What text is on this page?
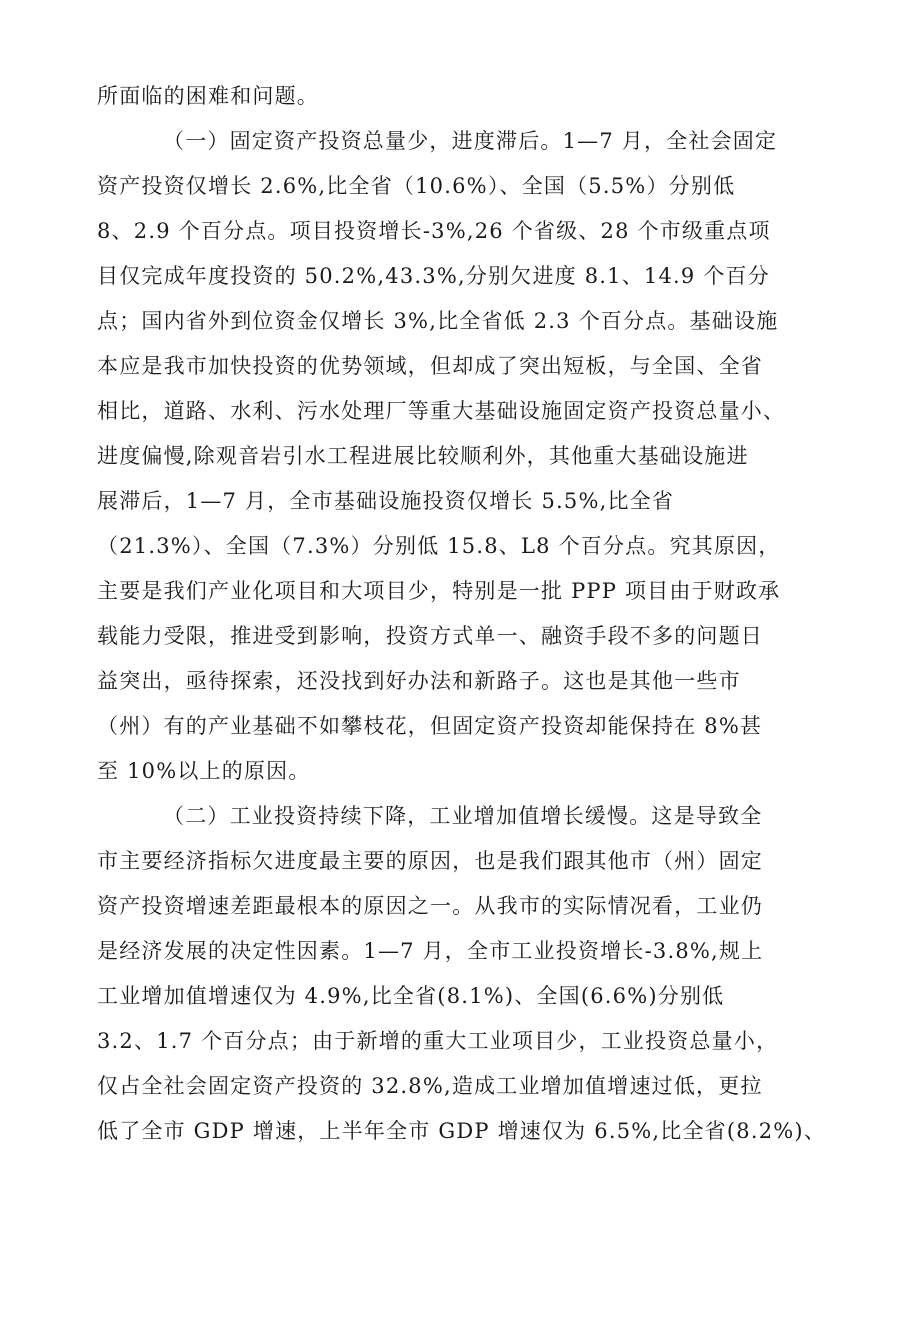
所面临的困难和问题。
（一）固定资产投资总量少，进度滞后。1—7 月，全社会固定
资产投资仅增长 2.6%,比全省（10.6%）、全国（5.5%）分别低
8、2.9 个百分点。项目投资增长-3%,26 个省级、28 个市级重点项
目仅完成年度投资的 50.2%,43.3%,分别欠进度 8.1、14.9 个百分
点；国内省外到位资金仅增长 3%,比全省低 2.3 个百分点。基础设施
本应是我市加快投资的优势领域，但却成了突出短板，与全国、全省
相比，道路、水利、污水处理厂等重大基础设施固定资产投资总量小、
进度偏慢,除观音岩引水工程进展比较顺利外，其他重大基础设施进
展滞后，1—7 月，全市基础设施投资仅增长 5.5%,比全省
（21.3%）、全国（7.3%）分别低 15.8、L8 个百分点。究其原因，
主要是我们产业化项目和大项目少，特别是一批 PPP 项目由于财政承
载能力受限，推进受到影响，投资方式单一、融资手段不多的问题日
益突出，亟待探索，还没找到好办法和新路子。这也是其他一些市
（州）有的产业基础不如攀枝花，但固定资产投资却能保持在 8%甚
至 10%以上的原因。
（二）工业投资持续下降，工业增加值增长缓慢。这是导致全
市主要经济指标欠进度最主要的原因，也是我们跟其他市（州）固定
资产投资增速差距最根本的原因之一。从我市的实际情况看，工业仍
是经济发展的决定性因素。1—7 月，全市工业投资增长-3.8%,规上
工业增加值增速仅为 4.9%,比全省(8.1%)、全国(6.6%)分别低
3.2、1.7 个百分点；由于新增的重大工业项目少，工业投资总量小，
仅占全社会固定资产投资的 32.8%,造成工业增加值增速过低，更拉
低了全市 GDP 增速，上半年全市 GDP 增速仅为 6.5%,比全省(8.2%)、
